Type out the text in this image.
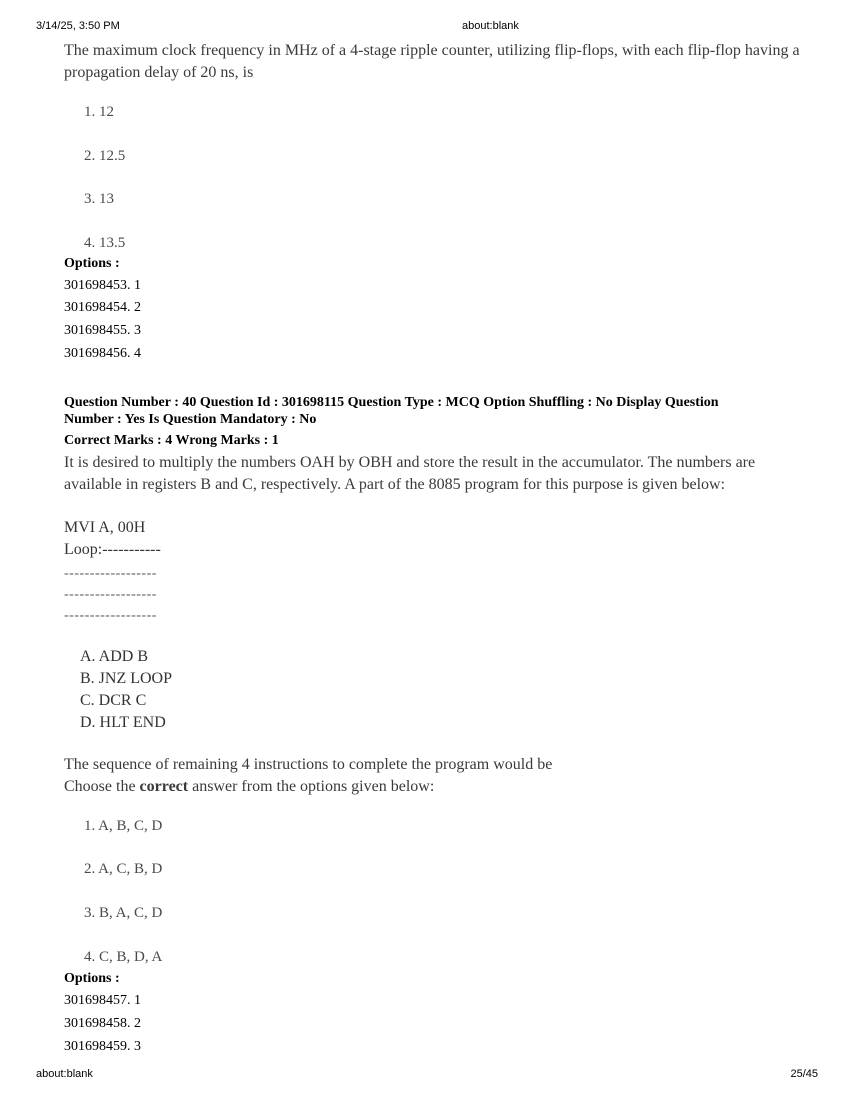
3/14/25, 3:50 PM	about:blank
The maximum clock frequency in MHz of a 4-stage ripple counter, utilizing flip-flops, with each flip-flop having a propagation delay of 20 ns, is
1. 12
2. 12.5
3. 13
4. 13.5
Options :
301698453. 1
301698454. 2
301698455. 3
301698456. 4
Question Number : 40 Question Id : 301698115 Question Type : MCQ Option Shuffling : No Display Question
Number : Yes Is Question Mandatory : No
Correct Marks : 4 Wrong Marks : 1
It is desired to multiply the numbers OAH by OBH and store the result in the accumulator. The numbers are available in registers B and C, respectively. A part of the 8085 program for this purpose is given below:
MVI A, 00H
Loop:-----------
------------------
------------------
------------------
A. ADD B
B. JNZ LOOP
C. DCR C
D. HLT END
The sequence of remaining 4 instructions to complete the program would be
Choose the correct answer from the options given below:
1. A, B, C, D
2. A, C, B, D
3. B, A, C, D
4. C, B, D, A
Options :
301698457. 1
301698458. 2
301698459. 3
about:blank	25/45
